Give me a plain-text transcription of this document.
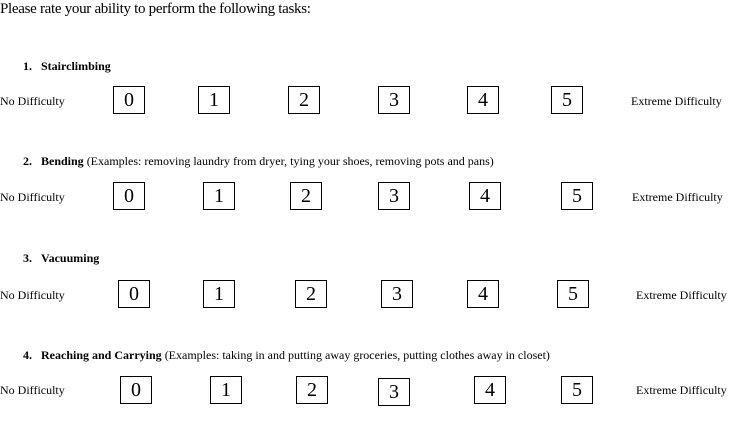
Please rate your ability to perform the following tasks:
1. Stairclimbing
No Difficulty	0	1	2	3	4	5	Extreme Difficulty
2. Bending (Examples: removing laundry from dryer, tying your shoes, removing pots and pans)
No Difficulty	0	1	2	3	4	5	Extreme Difficulty
3. Vacuuming
No Difficulty	0	1	2	3	4	5	Extreme Difficulty
4. Reaching and Carrying (Examples: taking in and putting away groceries, putting clothes away in closet)
No Difficulty	0	1	2	3	4	5	Extreme Difficulty
